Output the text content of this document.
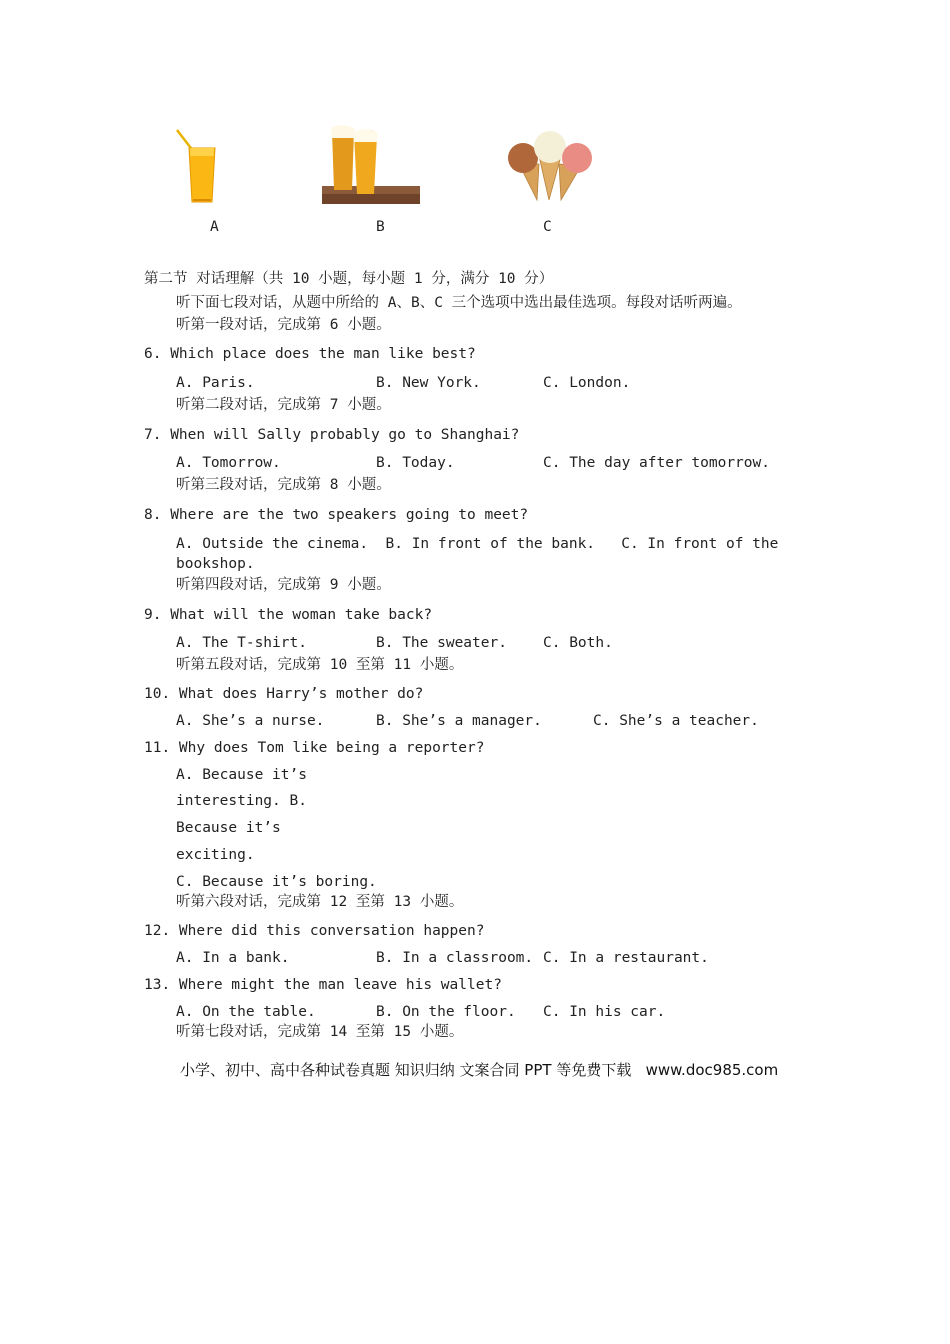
A	B	C
第二节 对话理解（共 10 小题，每小题 1 分，满分 10 分）
听下面七段对话，从题中所给的 A、B、C 三个选项中选出最佳选项。每段对话听两遍。
听第一段对话，完成第 6 小题。
6. Which place does the man like best?
A. Paris.	B. New York.	C. London.
听第二段对话，完成第 7 小题。
7. When will Sally probably go to Shanghai?
A. Tomorrow.	B. Today.	C. The day after tomorrow.
听第三段对话，完成第 8 小题。
8. Where are the two speakers going to meet?
A. Outside the cinema.  B. In front of the bank.   C. In front of the
bookshop.
听第四段对话，完成第 9 小题。
9. What will the woman take back?
A. The T-shirt.	B. The sweater. C. Both.
听第五段对话，完成第 10 至第 11 小题。
10. What does Harry’s mother do?
A. She’s a nurse.	B. She’s a manager.	C. She’s a teacher.
11. Why does Tom like being a reporter?
A. Because it’s
interesting. B.
Because it’s
exciting.
C. Because it’s boring.
听第六段对话，完成第 12 至第 13 小题。
12. Where did this conversation happen?
A. In a bank.	B. In a classroom. C. In a restaurant.
13. Where might the man leave his wallet?
A. On the table.	B. On the floor. C. In his car.
听第七段对话，完成第 14 至第 15 小题。
小学、初中、高中各种试卷真题 知识归纳 文案合同 PPT 等免费下载   www.doc985.com
